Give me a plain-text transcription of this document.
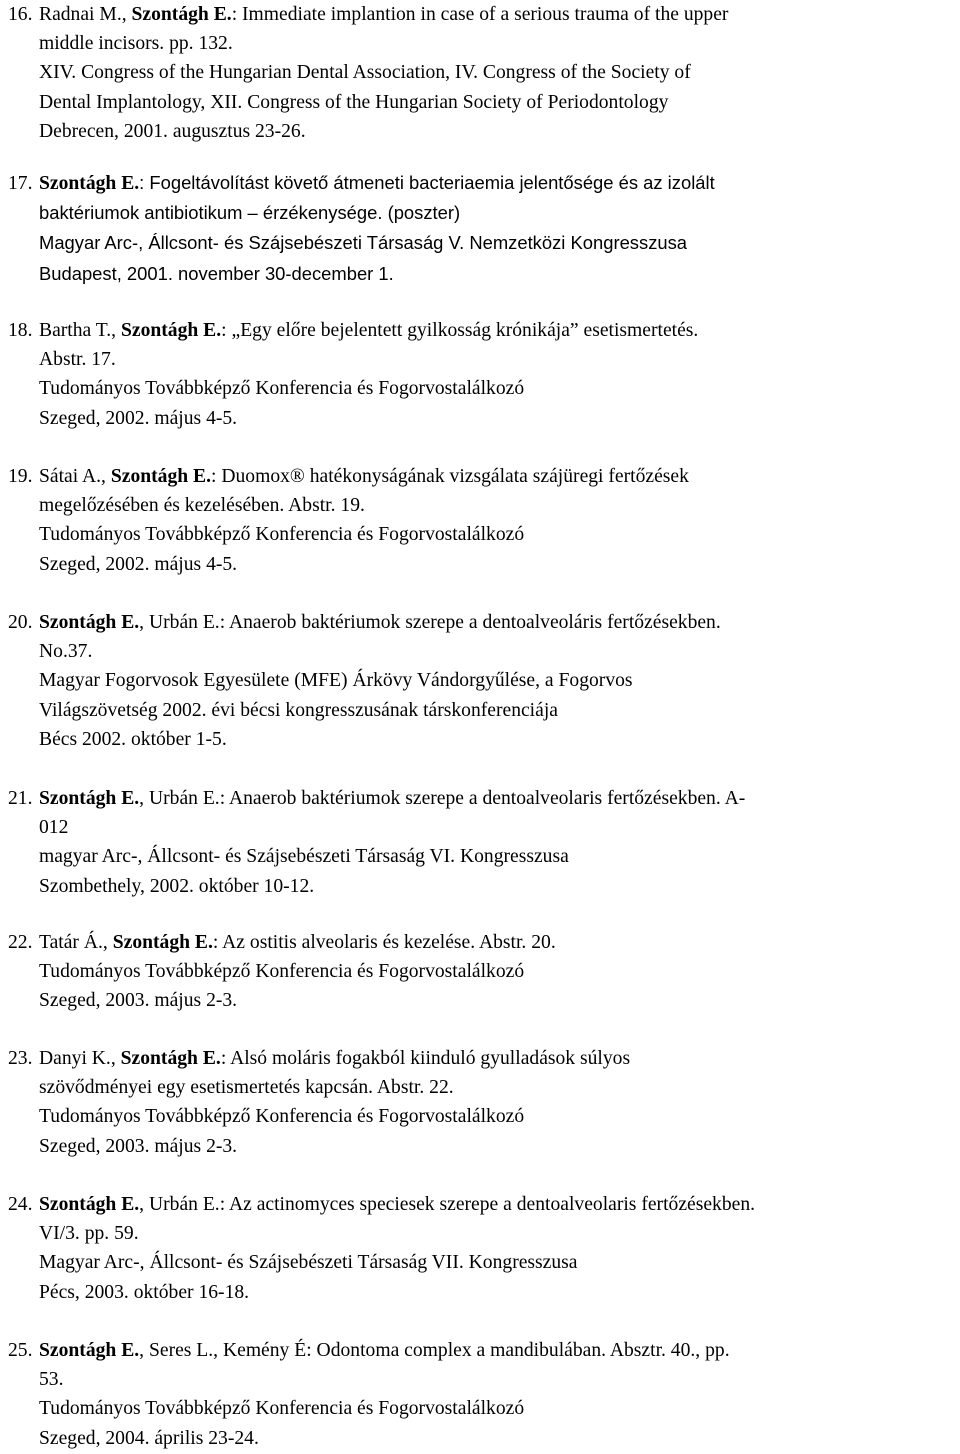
16. Radnai M., Szontágh E.: Immediate implantion in case of a serious trauma of the upper
middle incisors. pp. 132.
XIV. Congress of the Hungarian Dental Association, IV. Congress of the Society of
Dental Implantology, XII. Congress of the Hungarian Society of Periodontology
Debrecen, 2001. augusztus 23-26.
17. Szontágh E.: Fogeltávolítást követő átmeneti bacteriaemia jelentősége és az izolált
baktériumok antibiotikum – érzékenysége. (poszter)
Magyar Arc-, Állcsont- és Szájsebészeti Társaság V. Nemzetközi Kongresszusa
Budapest, 2001. november 30-december 1.
18. Bartha T., Szontágh E.: „Egy előre bejelentett gyilkosság krónikája” esetismertetés.
Abstr. 17.
Tudományos Továbbképző Konferencia és Fogorvostalálkozó
Szeged, 2002. május 4-5.
19. Sátai A., Szontágh E.: Duomox® hatékonyságának vizsgálata szájüregi fertőzések
megelőzésében és kezelésében. Abstr. 19.
Tudományos Továbbképző Konferencia és Fogorvostalálkozó
Szeged, 2002. május 4-5.
20. Szontágh E., Urbán E.: Anaerob baktériumok szerepe a dentoalveoláris fertőzésekben.
No.37.
Magyar Fogorvosok Egyesülete (MFE) Árkövy Vándorgyűlése, a Fogorvos
Világszövetség 2002. évi bécsi kongresszusának társkonferenciája
Bécs 2002. október 1-5.
21. Szontágh E., Urbán E.: Anaerob baktériumok szerepe a dentoalveolaris fertőzésekben. A-
012
magyar Arc-, Állcsont- és Szájsebészeti Társaság VI. Kongresszusa
Szombethely, 2002. október 10-12.
22. Tatár Á., Szontágh E.: Az ostitis alveolaris és kezelése. Abstr. 20.
Tudományos Továbbképző Konferencia és Fogorvostalálkozó
Szeged, 2003. május 2-3.
23. Danyi K., Szontágh E.: Alsó moláris fogakból kiinduló gyulladások súlyos
szövődményei egy esetismertetés kapcsán. Abstr. 22.
Tudományos Továbbképző Konferencia és Fogorvostalálkozó
Szeged, 2003. május 2-3.
24. Szontágh E., Urbán E.: Az actinomyces speciesek szerepe a dentoalveolaris fertőzésekben.
VI/3. pp. 59.
Magyar Arc-, Állcsont- és Szájsebészeti Társaság VII. Kongresszusa
Pécs, 2003. október 16-18.
25. Szontágh E., Seres L., Kemény É: Odontoma complex a mandibulában. Absztr. 40., pp.
53.
Tudományos Továbbképző Konferencia és Fogorvostalálkozó
Szeged, 2004. április 23-24.
